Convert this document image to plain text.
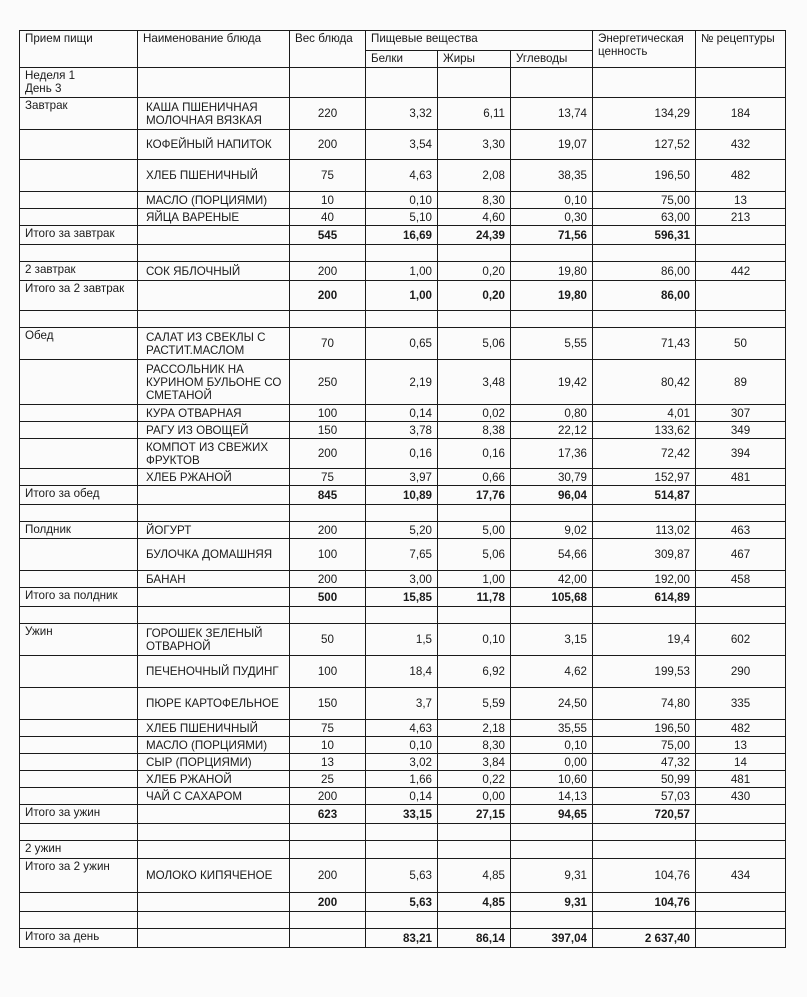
Прием пищи	Наименование блюда	Вес блюда	Пищевые вещества			Энергетическая ценность	№ рецептуры
			Белки	Жиры	Углеводы		
Неделя 1
День 3							
Завтрак	КАША ПШЕНИЧНАЯ МОЛОЧНАЯ ВЯЗКАЯ	220	3,32	6,11	13,74	134,29	184
	КОФЕЙНЫЙ НАПИТОК	200	3,54	3,30	19,07	127,52	432
	ХЛЕБ ПШЕНИЧНЫЙ	75	4,63	2,08	38,35	196,50	482
	МАСЛО (ПОРЦИЯМИ)	10	0,10	8,30	0,10	75,00	13
	ЯЙЦА ВАРЕНЫЕ	40	5,10	4,60	0,30	63,00	213
Итого за завтрак		545	16,69	24,39	71,56	596,31	

2 завтрак	СОК ЯБЛОЧНЫЙ	200	1,00	0,20	19,80	86,00	442
Итого за 2 завтрак		200	1,00	0,20	19,80	86,00	

Обед	САЛАТ ИЗ СВЕКЛЫ С РАСТИТ.МАСЛОМ	70	0,65	5,06	5,55	71,43	50
	РАССОЛЬНИК НА КУРИНОМ БУЛЬОНЕ СО СМЕТАНОЙ	250	2,19	3,48	19,42	80,42	89
	КУРА ОТВАРНАЯ	100	0,14	0,02	0,80	4,01	307
	РАГУ ИЗ ОВОЩЕЙ	150	3,78	8,38	22,12	133,62	349
	КОМПОТ ИЗ СВЕЖИХ ФРУКТОВ	200	0,16	0,16	17,36	72,42	394
	ХЛЕБ РЖАНОЙ	75	3,97	0,66	30,79	152,97	481
Итого за обед		845	10,89	17,76	96,04	514,87	

Полдник	ЙОГУРТ	200	5,20	5,00	9,02	113,02	463
	БУЛОЧКА ДОМАШНЯЯ	100	7,65	5,06	54,66	309,87	467
	БАНАН	200	3,00	1,00	42,00	192,00	458
Итого за полдник		500	15,85	11,78	105,68	614,89	

Ужин	ГОРОШЕК ЗЕЛЕНЫЙ ОТВАРНОЙ	50	1,5	0,10	3,15	19,4	602
	ПЕЧЕНОЧНЫЙ ПУДИНГ	100	18,4	6,92	4,62	199,53	290
	ПЮРЕ КАРТОФЕЛЬНОЕ	150	3,7	5,59	24,50	74,80	335
	ХЛЕБ ПШЕНИЧНЫЙ	75	4,63	2,18	35,55	196,50	482
	МАСЛО (ПОРЦИЯМИ)	10	0,10	8,30	0,10	75,00	13
	СЫР (ПОРЦИЯМИ)	13	3,02	3,84	0,00	47,32	14
	ХЛЕБ РЖАНОЙ	25	1,66	0,22	10,60	50,99	481
	ЧАЙ С САХАРОМ	200	0,14	0,00	14,13	57,03	430
Итого за ужин		623	33,15	27,15	94,65	720,57	

2 ужин							
Итого за 2 ужин	МОЛОКО КИПЯЧЕНОЕ	200	5,63	4,85	9,31	104,76	434
		200	5,63	4,85	9,31	104,76	

Итого за день			83,21	86,14	397,04	2 637,40	
